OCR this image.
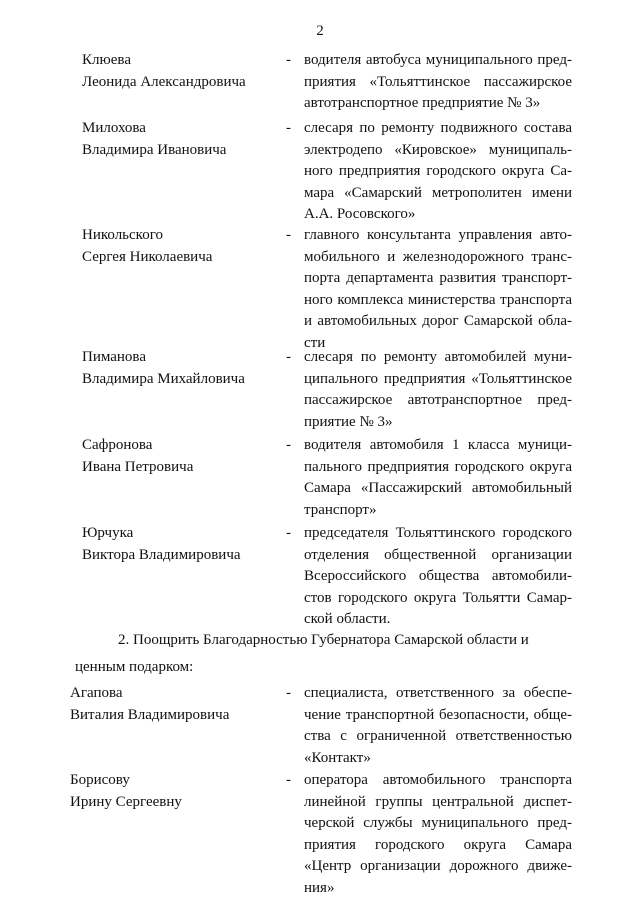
2
Клюевa
Леонида Александровича
- водителя автобуса муниципального пред-
приятия «Тольяттинское пассажирское
автотранспортное предприятие № 3»
Милохова
Владимира Ивановича
- слесаря по ремонту подвижного состава
электродепо «Кировское» муниципаль-
ного предприятия городского округа Са-
мара «Самарский метрополитен имени
А.А. Росовского»
Никольского
Сергея Николаевича
- главного консультанта управления авто-
мобильного и железнодорожного транс-
порта департамента развития транспорт-
ного комплекса министерства транспорта
и автомобильных дорог Самарской обла-
сти
Пиманова
Владимира Михайловича
- слесаря по ремонту автомобилей муни-
ципального предприятия «Тольяттинское
пассажирское автотранспортное пред-
приятие № 3»
Сафронова
Ивана Петровича
- водителя автомобиля 1 класса муници-
пального предприятия городского округа
Самара «Пассажирский автомобильный
транспорт»
Юрчука
Виктора Владимировича
- председателя Тольяттинского городского
отделения общественной организации
Всероссийского общества автомобили-
стов городского округа Тольятти Самар-
ской области.
2. Поощрить Благодарностью Губернатора Самарской области и
ценным подарком:
Агапова
Виталия Владимировича
- специалиста, ответственного за обеспе-
чение транспортной безопасности, обще-
ства с ограниченной ответственностью
«Контакт»
Борисову
Ирину Сергеевну
- оператора автомобильного транспорта
линейной группы центральной диспет-
черской службы муниципального пред-
приятия городского округа Самара
«Центр организации дорожного движе-
ния»
